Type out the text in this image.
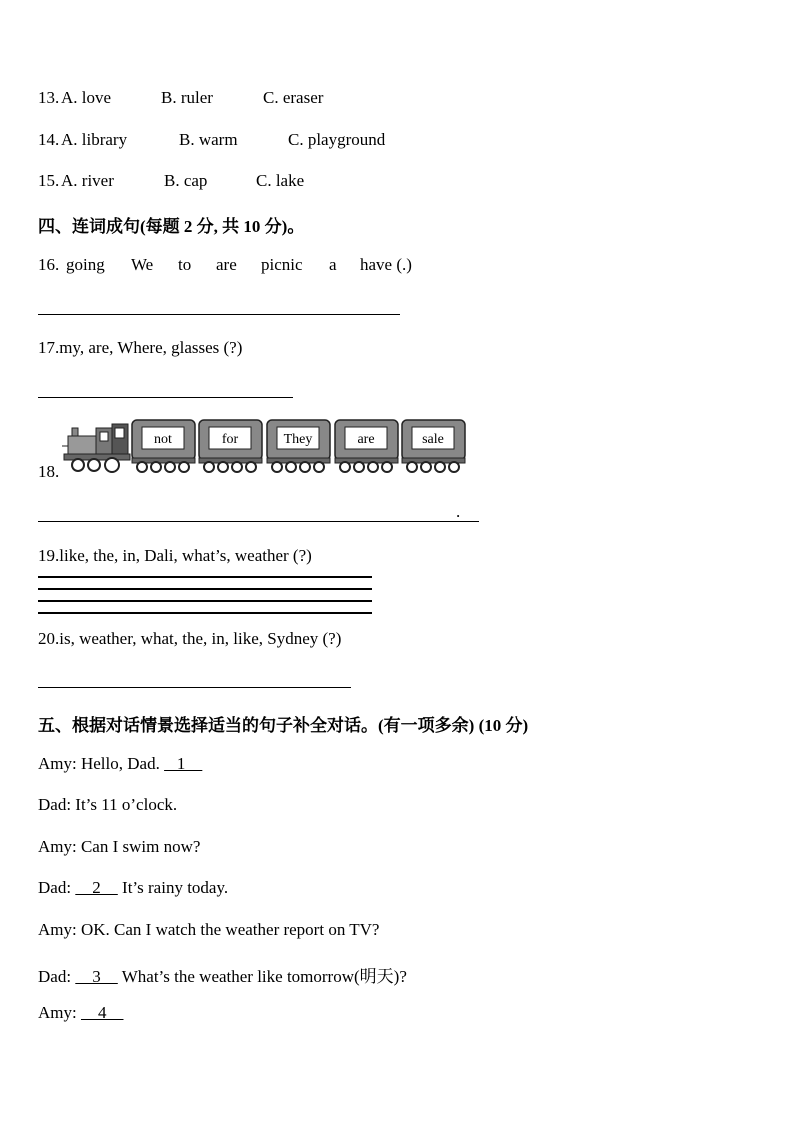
13. A. love	B. ruler	C. eraser
14. A. library	B. warm	C. playground
15. A. river	B. cap	C. lake
四、连词成句(每题 2 分, 共 10 分)。
16. going We to are picnic a have (.)
17.my, are, Where, glasses (?)
18.
not	for	They	are	sale
.
19.like, the, in, Dali, what’s, weather (?)
20.is, weather, what, the, in, like, Sydney (?)
五、根据对话情景选择适当的句子补全对话。(有一项多余) (10 分)
Amy: Hello, Dad.    1
Dad: It’s 11 o’clock.
Amy: Can I swim now?
Dad:     2     It’s rainy today.
Amy: OK. Can I watch the weather report on TV?
Dad:     3     What’s the weather like tomorrow(明天)?
Amy:     4
